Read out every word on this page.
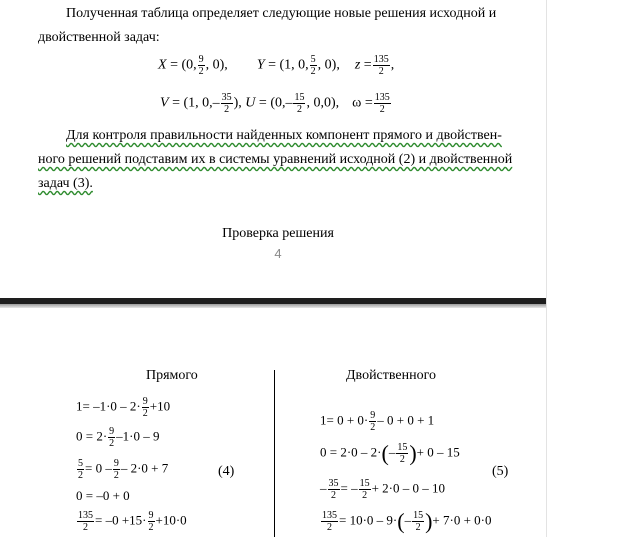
Полученная таблица определяет следующие новые решения исходной и
двойственной задач:

X = (0, $\frac{9}{2}$ , 0), Y = (1, 0, $\frac{5}{2}$ , 0), $z = \frac{135}{2}$ ,
V = (1, $0,- \frac{35}{2}$ ), $U = (0,- \frac{15}{2}$ , 0,0), $\omega = \frac{135}{2}$

Для контроля правильности найденных компонент прямого и двойствен-
ного решений подставим их в системы уравнений исходной (2) и двойственной
задач (3).

Проверка решения
4
Прямого	Двойственного
$1= -1\cdot 0 - 2\cdot \frac{9}{2} +10$
$0 = 2\cdot \frac{9}{2} -1\cdot 0 - 9$
$\frac{5}{2} = 0 - \frac{9}{2} - 2\cdot 0 + 7$
0 = –0 + 0
$\frac{135}{2} = -0 +15\cdot \frac{9}{2} +10\cdot 0$
(4)
$1= 0 + 0\cdot \frac{9}{2} - 0 + 0 + 1$
$0 = 2\cdot 0 - 2\cdot(- \frac{15}{2}$ )+ 0 – 15
– $\frac{35}{2}$ = – $\frac{15}{2} + 2\cdot 0 - 0 - 10$
$\frac{135}{2} = 10\cdot 0 - 9\cdot(- \frac{15}{2}$ )+ 7·0 + 0·0
(5)
